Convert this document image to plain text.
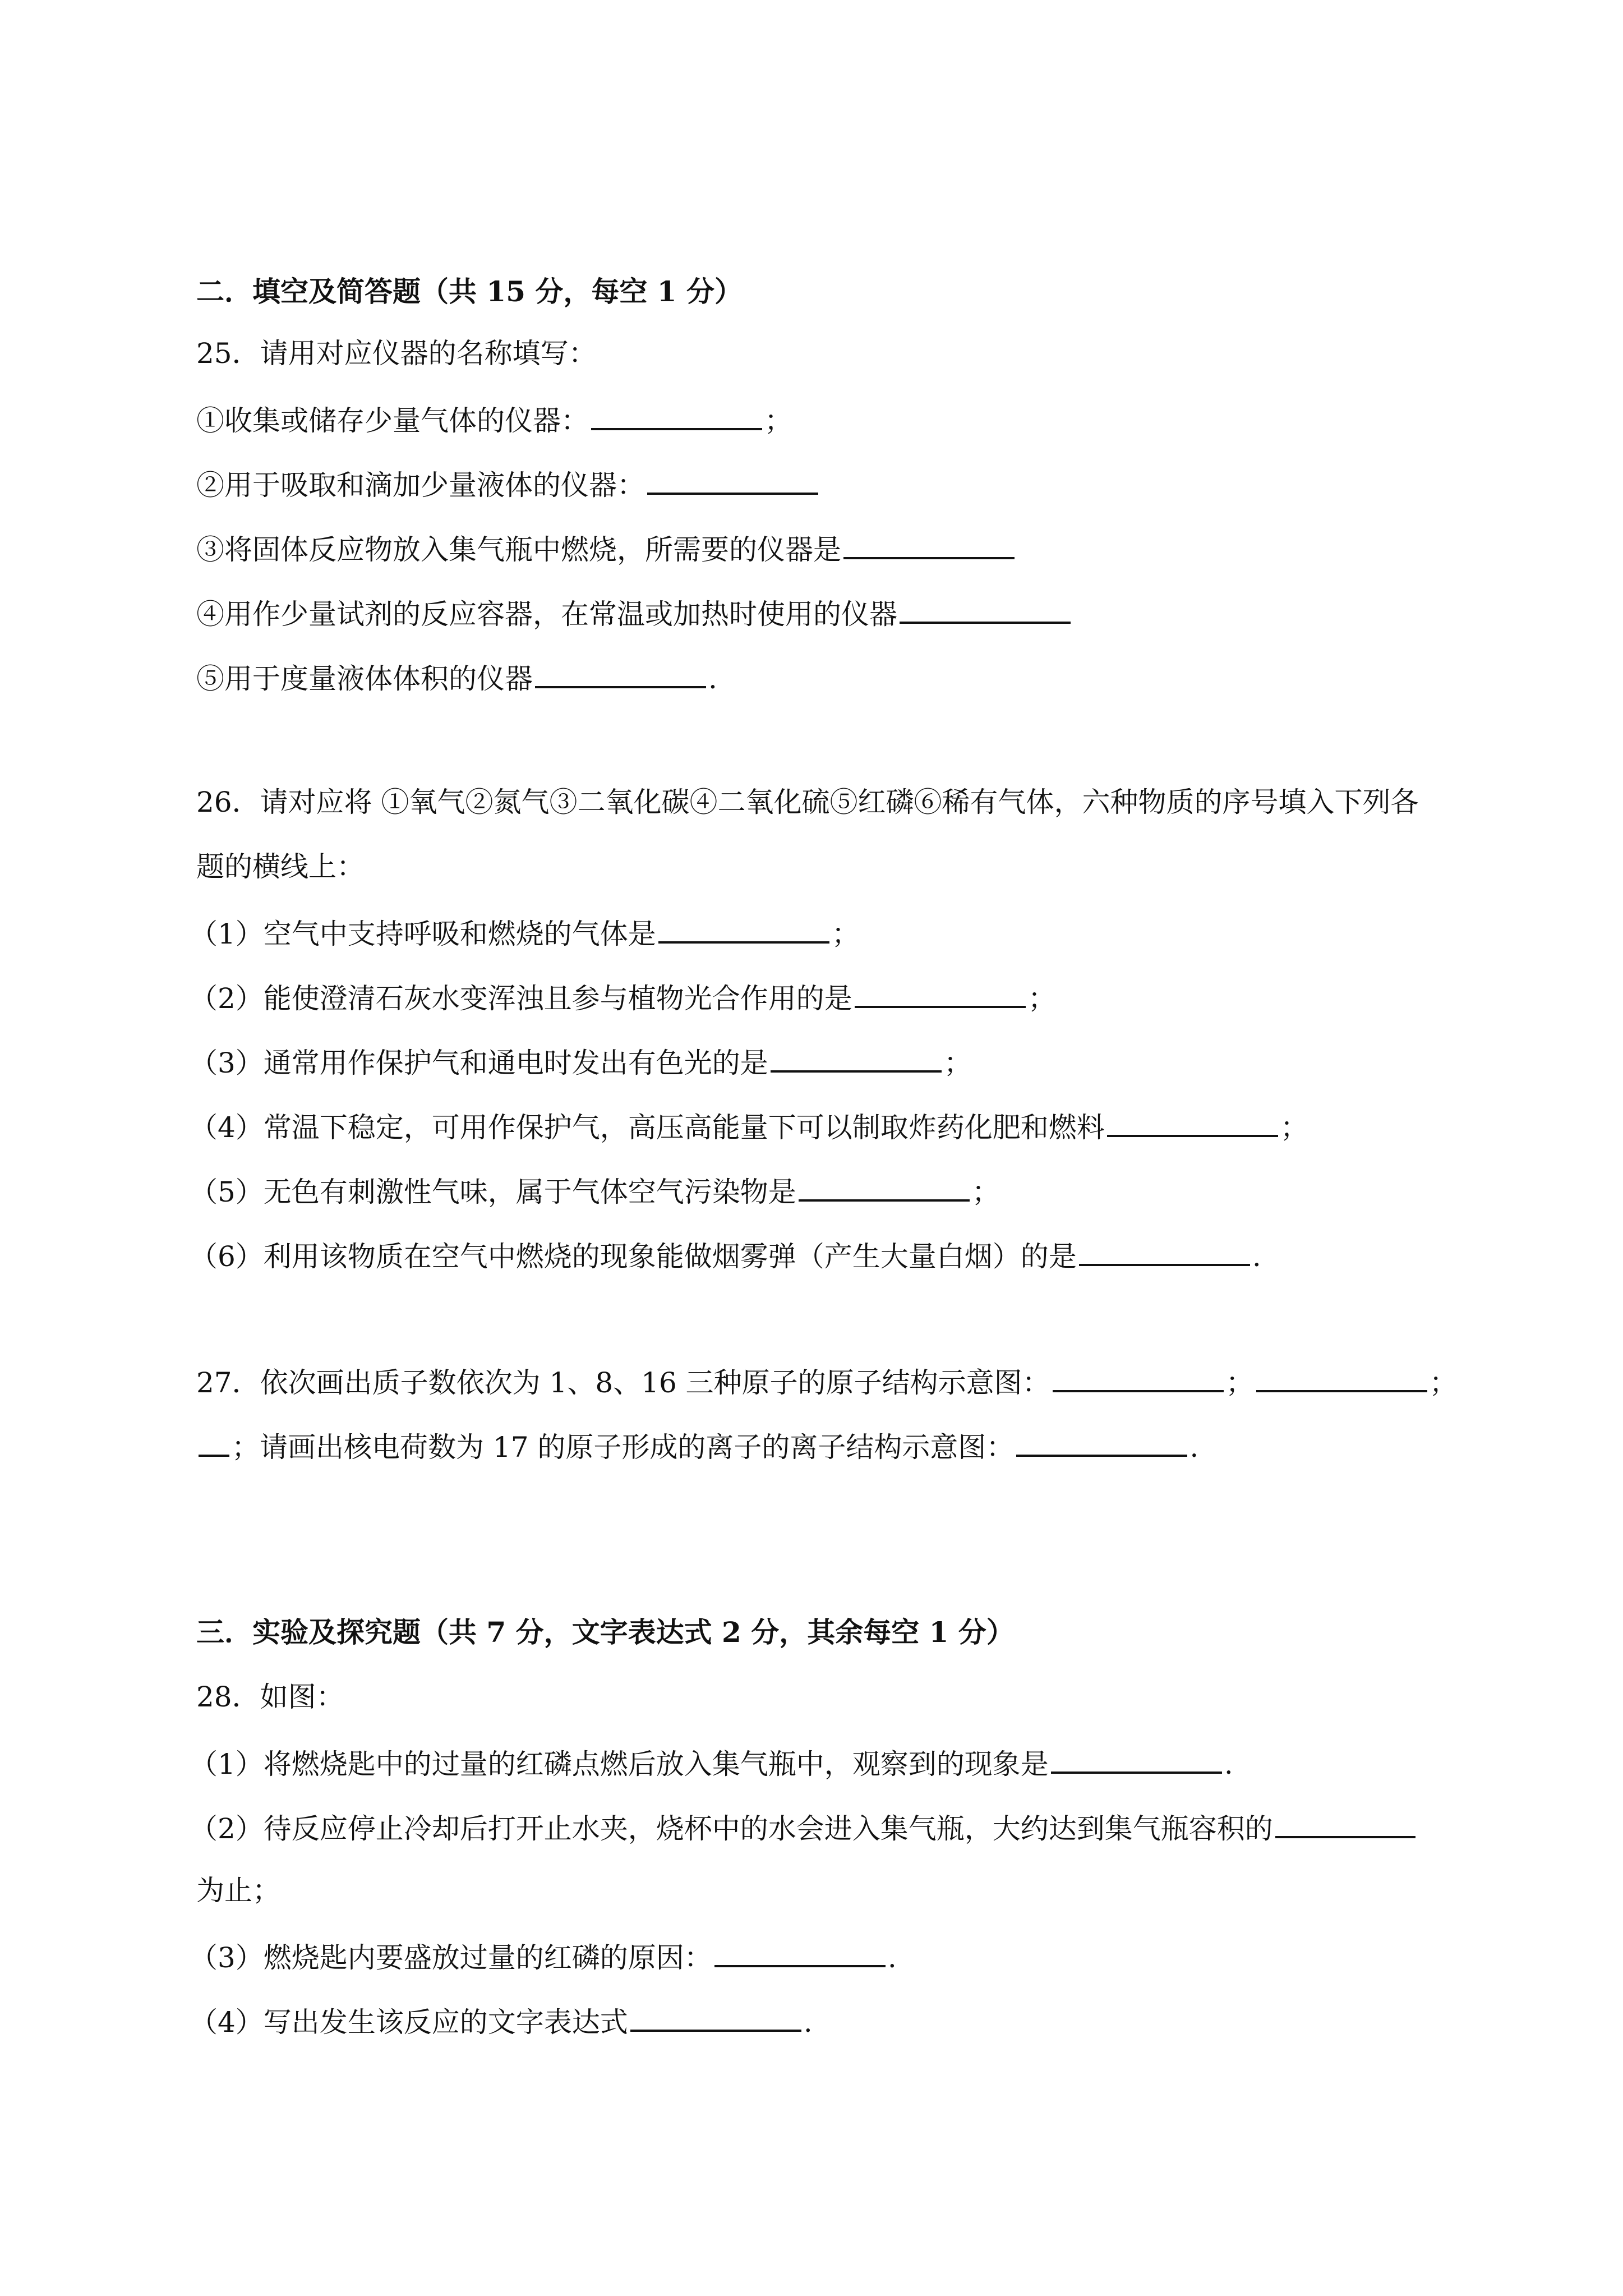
二．填空及简答题（共 15 分，每空 1 分）
25．请用对应仪器的名称填写：
①收集或储存少量气体的仪器：	；
②用于吸取和滴加少量液体的仪器：
③将固体反应物放入集气瓶中燃烧，所需要的仪器是
④用作少量试剂的反应容器，在常温或加热时使用的仪器
⑤用于度量液体体积的仪器	.
26．请对应将 ①氧气②氮气③二氧化碳④二氧化硫⑤红磷⑥稀有气体，六种物质的序号填入下列各
题的横线上：
（1）空气中支持呼吸和燃烧的气体是	；
（2）能使澄清石灰水变浑浊且参与植物光合作用的是	；
（3）通常用作保护气和通电时发出有色光的是	；
（4）常温下稳定，可用作保护气，高压高能量下可以制取炸药化肥和燃料	；
（5）无色有刺激性气味，属于气体空气污染物是	；
（6）利用该物质在空气中燃烧的现象能做烟雾弹（产生大量白烟）的是	.
27．依次画出质子数依次为 1、8、16 三种原子的原子结构示意图：	；	；
；请画出核电荷数为 17 的原子形成的离子的离子结构示意图：	.
三．实验及探究题（共 7 分，文字表达式 2 分，其余每空 1 分）
28．如图：
（1）将燃烧匙中的过量的红磷点燃后放入集气瓶中，观察到的现象是	.
（2）待反应停止冷却后打开止水夹，烧杯中的水会进入集气瓶，大约达到集气瓶容积的
为止；
（3）燃烧匙内要盛放过量的红磷的原因：	.
（4）写出发生该反应的文字表达式	.
